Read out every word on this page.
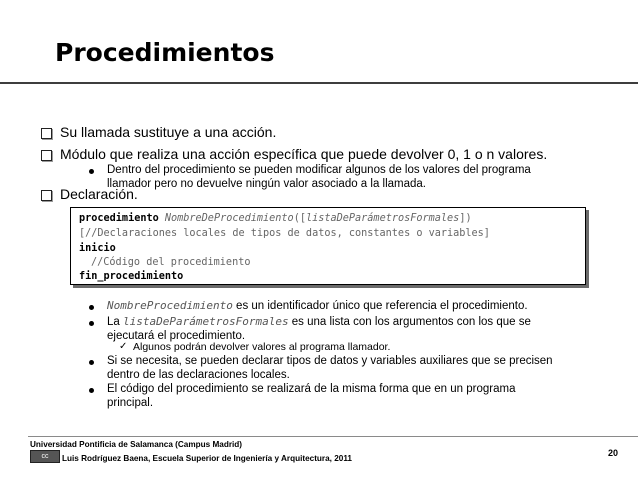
Procedimientos
Su llamada sustituye a una acción.
Módulo que realiza una acción específica que puede devolver 0, 1 o n valores.
Dentro del procedimiento se pueden modificar algunos de los valores del programa
llamador pero no devuelve ningún valor asociado a la llamada.
Declaración.
procedimiento NombreDeProcedimiento([listaDeParámetrosFormales])
[//Declaraciones locales de tipos de datos, constantes o variables]
inicio
//Código del procedimiento
fin_procedimiento
NombreProcedimiento es un identificador único que referencia el procedimiento.
La listaDeParámetrosFormales es una lista con los argumentos con los que se
ejecutará el procedimiento.
✓ Algunos podrán devolver valores al programa llamador.
Si se necesita, se pueden declarar tipos de datos y variables auxiliares que se precisen
dentro de las declaraciones locales.
El código del procedimiento se realizará de la misma forma que en un programa
principal.
Universidad Pontificia de Salamanca (Campus Madrid)
cc	Luis Rodríguez Baena, Escuela Superior de Ingeniería y Arquitectura, 2011
20
